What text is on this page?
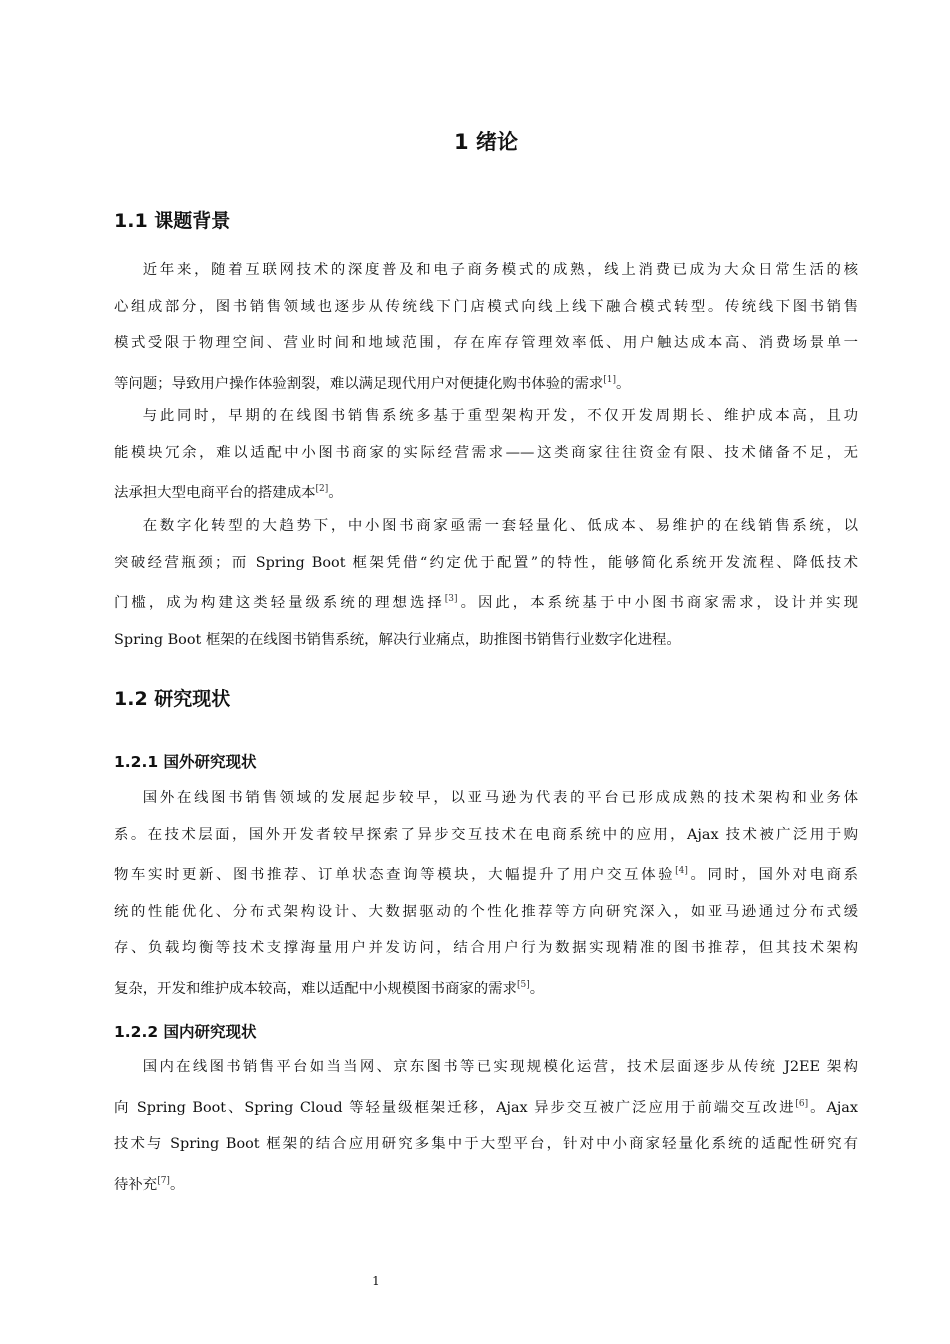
1 绪论
1.1 课题背景

近年来，随着互联网技术的深度普及和电子商务模式的成熟，线上消费已成为大众日常生活的核
心组成部分，图书销售领域也逐步从传统线下门店模式向线上线下融合模式转型。传统线下图书销售
模式受限于物理空间、营业时间和地域范围，存在库存管理效率低、用户触达成本高、消费场景单一
等问题；导致用户操作体验割裂，难以满足现代用户对便捷化购书体验的需求[1]。

与此同时，早期的在线图书销售系统多基于重型架构开发，不仅开发周期长、维护成本高，且功
能模块冗余，难以适配中小图书商家的实际经营需求——这类商家往往资金有限、技术储备不足，无
法承担大型电商平台的搭建成本[2]。

在数字化转型的大趋势下，中小图书商家亟需一套轻量化、低成本、易维护的在线销售系统，以
突破经营瓶颈；而 Spring Boot 框架凭借“约定优于配置”的特性，能够简化系统开发流程、降低技术
门槛，成为构建这类轻量级系统的理想选择[3]。因此，本系统基于中小图书商家需求，设计并实现
Spring Boot 框架的在线图书销售系统，解决行业痛点，助推图书销售行业数字化进程。

1.2 研究现状
1.2.1 国外研究现状

国外在线图书销售领域的发展起步较早，以亚马逊为代表的平台已形成成熟的技术架构和业务体
系。在技术层面，国外开发者较早探索了异步交互技术在电商系统中的应用，Ajax 技术被广泛用于购
物车实时更新、图书推荐、订单状态查询等模块，大幅提升了用户交互体验[4]。同时，国外对电商系
统的性能优化、分布式架构设计、大数据驱动的个性化推荐等方向研究深入，如亚马逊通过分布式缓
存、负载均衡等技术支撑海量用户并发访问，结合用户行为数据实现精准的图书推荐，但其技术架构
复杂，开发和维护成本较高，难以适配中小规模图书商家的需求[5]。

1.2.2 国内研究现状

国内在线图书销售平台如当当网、京东图书等已实现规模化运营，技术层面逐步从传统 J2EE 架构
向 Spring Boot、Spring Cloud 等轻量级框架迁移，Ajax 异步交互被广泛应用于前端交互改进[6]。Ajax
技术与 Spring Boot 框架的结合应用研究多集中于大型平台，针对中小商家轻量化系统的适配性研究有
待补充[7]。

1
